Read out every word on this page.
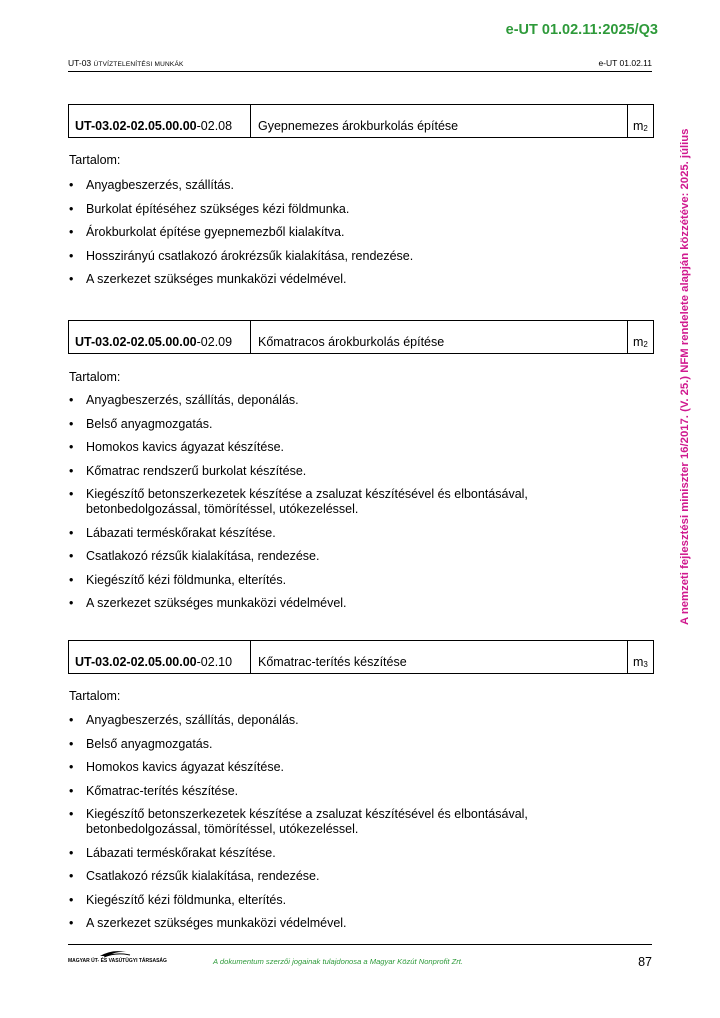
e-UT 01.02.11:2025/Q3
UT-03 ÚTVÍZTELENÍTÉSI MUNKÁK	e-UT 01.02.11
A nemzeti fejlesztési miniszter 16/2017. (V. 25.) NFM rendelete alapján közzétéve: 2025. július
UT-03.02-02.05.00.00 -02.08	Gyepnemezes árokburkolás építése	$m_2$
Tartalom:
• Anyagbeszerzés, szállítás.
• Burkolat építéséhez szükséges kézi földmunka.
• Árokburkolat építése gyepnemezből kialakítva.
• Hosszirányú csatlakozó árokrézsűk kialakítása, rendezése.
• A szerkezet szükséges munkaközi védelmével.
UT-03.02-02.05.00.00 -02.09	Kőmatracos árokburkolás építése	$m_2$
Tartalom:
• Anyagbeszerzés, szállítás, deponálás.
• Belső anyagmozgatás.
• Homokos kavics ágyazat készítése.
• Kőmatrac rendszerű burkolat készítése.
• Kiegészítő betonszerkezetek készítése a zsaluzat készítésével és elbontásával, betonbedolgozással, tömörítéssel, utókezeléssel.
• Lábazati terméskőrakat készítése.
• Csatlakozó rézsűk kialakítása, rendezése.
• Kiegészítő kézi földmunka, elterítés.
• A szerkezet szükséges munkaközi védelmével.
UT-03.02-02.05.00.00 -02.10	Kőmatrac-terítés készítése	$m_3$
Tartalom:
• Anyagbeszerzés, szállítás, deponálás.
• Belső anyagmozgatás.
• Homokos kavics ágyazat készítése.
• Kőmatrac-terítés készítése.
• Kiegészítő betonszerkezetek készítése a zsaluzat készítésével és elbontásával, betonbedolgozással, tömörítéssel, utókezeléssel.
• Lábazati terméskőrakat készítése.
• Csatlakozó rézsűk kialakítása, rendezése.
• Kiegészítő kézi földmunka, elterítés.
• A szerkezet szükséges munkaközi védelmével.
MAGYAR ÚT- ÉS VASÚTÜGYI TÁRSASÁG	A dokumentum szerzői jogainak tulajdonosa a Magyar Közút Nonprofit Zrt.	87
